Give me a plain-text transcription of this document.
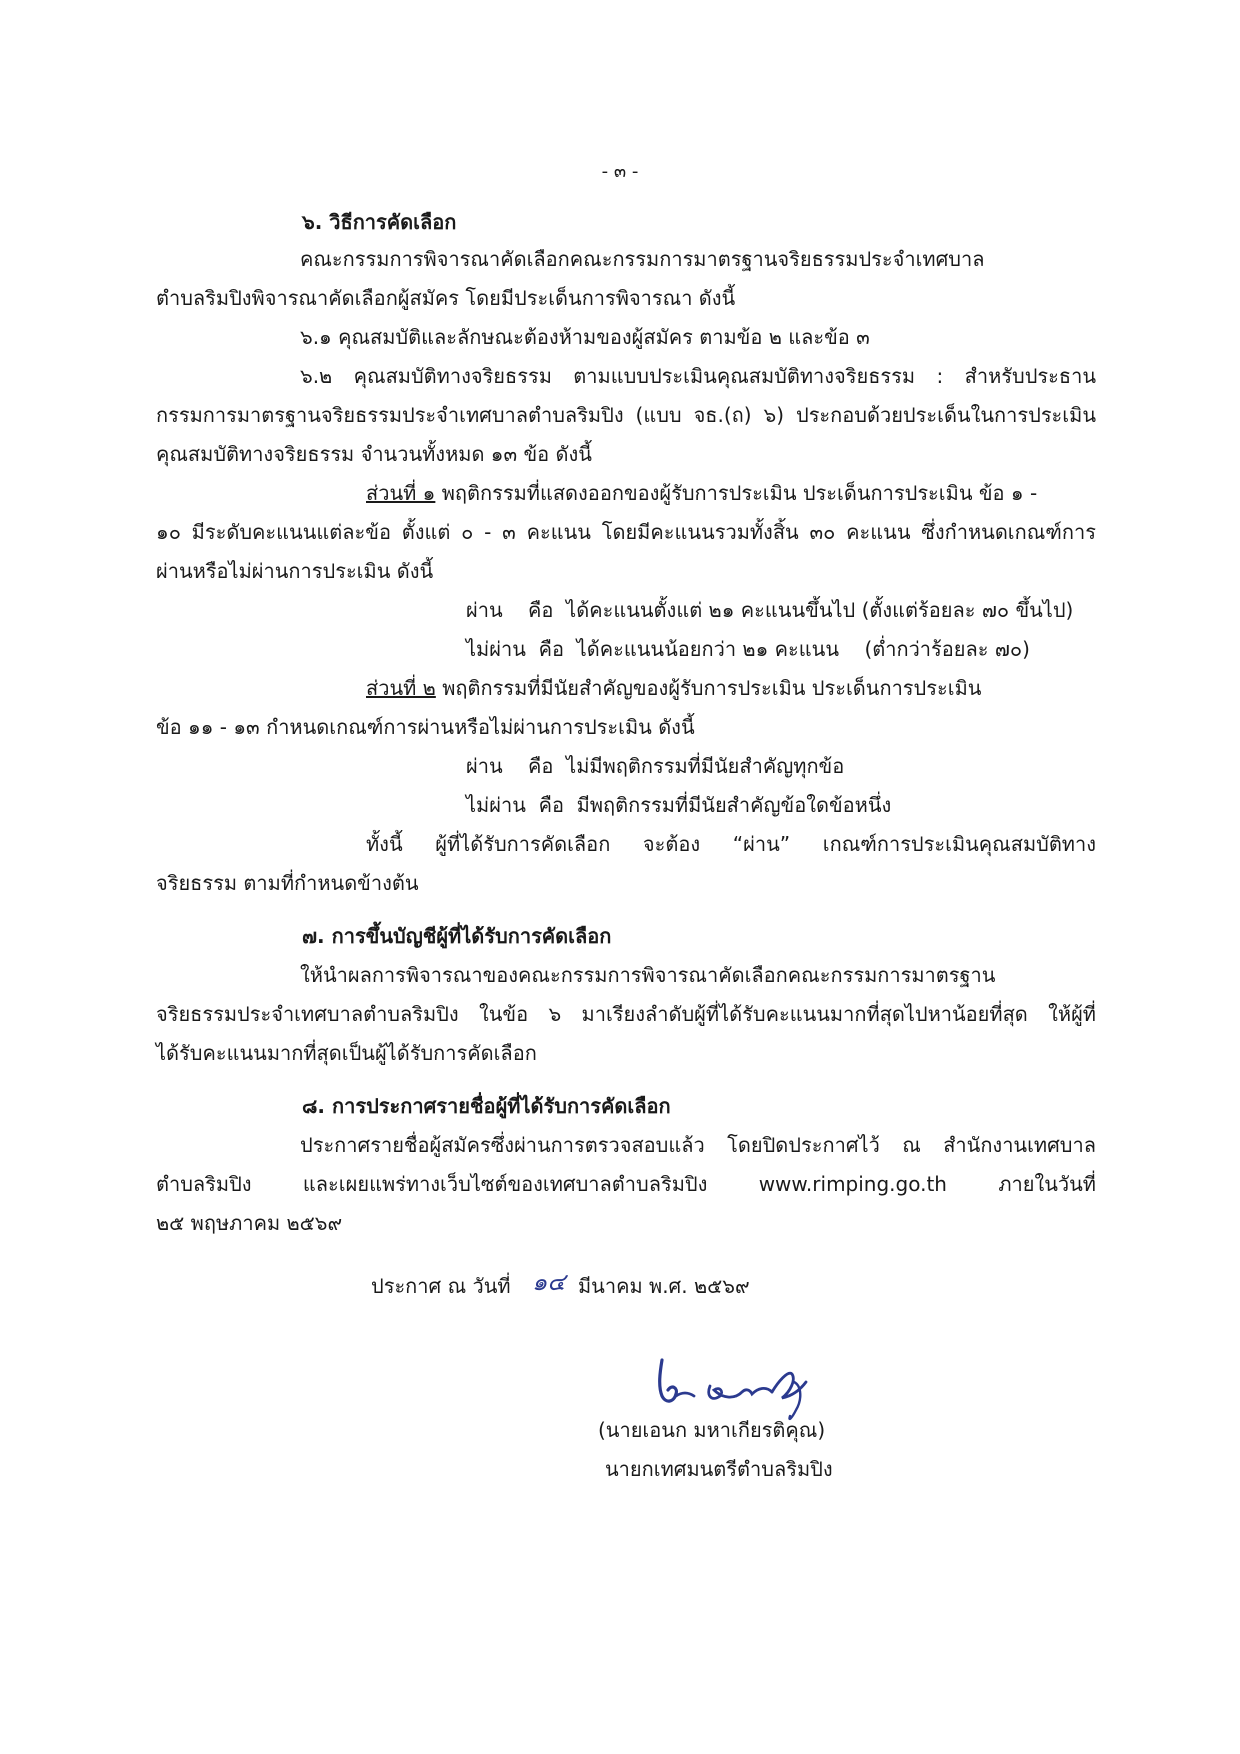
- ๓ -
๖. วิธีการคัดเลือก
คณะกรรมการพิจารณาคัดเลือกคณะกรรมการมาตรฐานจริยธรรมประจำเทศบาล
ตำบลริมปิงพิจารณาคัดเลือกผู้สมัคร โดยมีประเด็นการพิจารณา ดังนี้
๖.๑ คุณสมบัติและลักษณะต้องห้ามของผู้สมัคร ตามข้อ ๒ และข้อ ๓
๖.๒ คุณสมบัติทางจริยธรรม ตามแบบประเมินคุณสมบัติทางจริยธรรม : สำหรับประธาน
กรรมการมาตรฐานจริยธรรมประจำเทศบาลตำบลริมปิง (แบบ จธ.(ถ) ๖) ประกอบด้วยประเด็นในการประเมิน
คุณสมบัติทางจริยธรรม จำนวนทั้งหมด ๑๓ ข้อ ดังนี้
ส่วนที่ ๑ พฤติกรรมที่แสดงออกของผู้รับการประเมิน ประเด็นการประเมิน ข้อ ๑ -
๑๐ มีระดับคะแนนแต่ละข้อ ตั้งแต่ ๐ - ๓ คะแนน โดยมีคะแนนรวมทั้งสิ้น ๓๐ คะแนน ซึ่งกำหนดเกณฑ์การ
ผ่านหรือไม่ผ่านการประเมิน ดังนี้
ผ่าน    คือ  ได้คะแนนตั้งแต่ ๒๑ คะแนนขึ้นไป (ตั้งแต่ร้อยละ ๗๐ ขึ้นไป)
ไม่ผ่าน  คือ  ได้คะแนนน้อยกว่า ๒๑ คะแนน    (ต่ำกว่าร้อยละ ๗๐)
ส่วนที่ ๒ พฤติกรรมที่มีนัยสำคัญของผู้รับการประเมิน ประเด็นการประเมิน
ข้อ ๑๑ - ๑๓ กำหนดเกณฑ์การผ่านหรือไม่ผ่านการประเมิน ดังนี้
ผ่าน    คือ  ไม่มีพฤติกรรมที่มีนัยสำคัญทุกข้อ
ไม่ผ่าน  คือ  มีพฤติกรรมที่มีนัยสำคัญข้อใดข้อหนึ่ง
ทั้งนี้ ผู้ที่ได้รับการคัดเลือก จะต้อง “ผ่าน” เกณฑ์การประเมินคุณสมบัติทาง
จริยธรรม ตามที่กำหนดข้างต้น
๗. การขึ้นบัญชีผู้ที่ได้รับการคัดเลือก
ให้นำผลการพิจารณาของคณะกรรมการพิจารณาคัดเลือกคณะกรรมการมาตรฐาน
จริยธรรมประจำเทศบาลตำบลริมปิง ในข้อ ๖ มาเรียงลำดับผู้ที่ได้รับคะแนนมากที่สุดไปหาน้อยที่สุด ให้ผู้ที่
ได้รับคะแนนมากที่สุดเป็นผู้ได้รับการคัดเลือก
๘. การประกาศรายชื่อผู้ที่ได้รับการคัดเลือก
ประกาศรายชื่อผู้สมัครซึ่งผ่านการตรวจสอบแล้ว โดยปิดประกาศไว้ ณ สำนักงานเทศบาล
ตำบลริมปิง และเผยแพร่ทางเว็บไซต์ของเทศบาลตำบลริมปิง www.rimping.go.th ภายในวันที่
๒๕ พฤษภาคม ๒๕๖๙
ประกาศ ณ วันที่ ๑๔ มีนาคม พ.ศ. ๒๕๖๙
(นายเอนก มหาเกียรติคุณ)
นายกเทศมนตรีตำบลริมปิง
